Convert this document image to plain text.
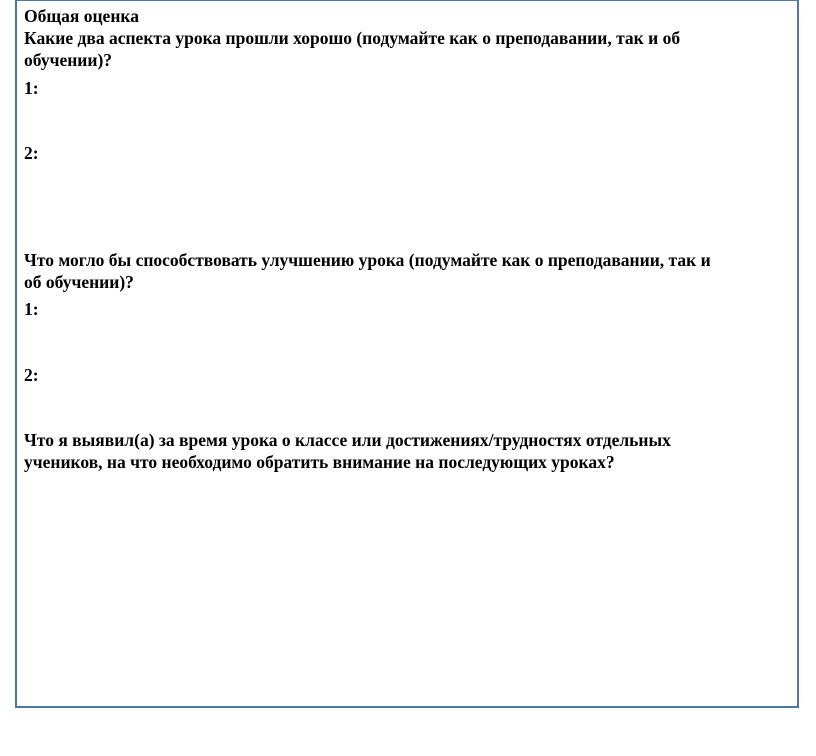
Общая оценка

Какие два аспекта урока прошли хорошо (подумайте как о преподавании, так и об

обучении)?

1:

2:

Что могло бы способствовать улучшению урока (подумайте как о преподавании, так и

об обучении)?

1:

2:

Что я выявил(а) за время урока о классе или достижениях/трудностях отдельных

учеников, на что необходимо обратить внимание на последующих уроках?
